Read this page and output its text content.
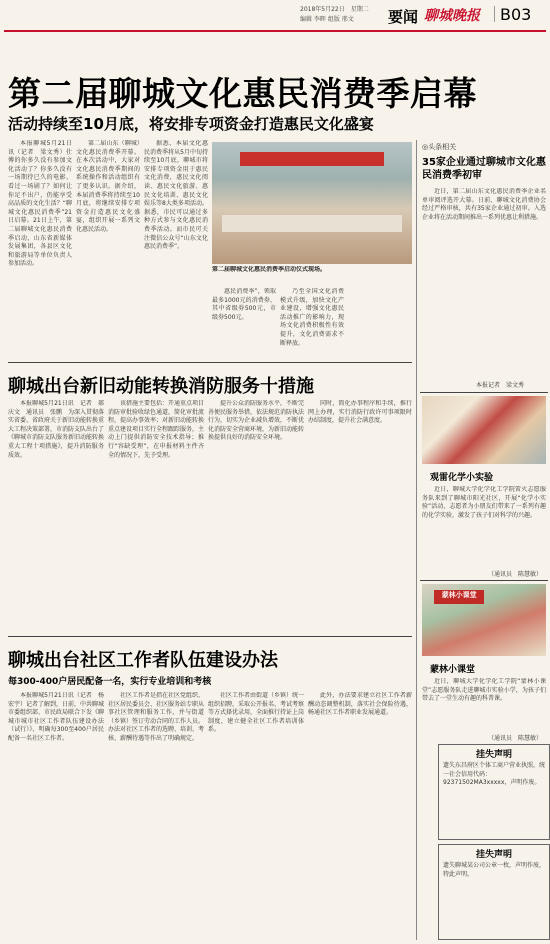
2018年5月22日　星期二
编辑 李晖 组版 邢文 要闻 聊城晚报 B03
第二届聊城文化惠民消费季启幕
活动持续至10月底，将安排专项资金打造惠民文化盛宴

本报聊城5月21日讯（记者　梁文秀）仕傅的你多久没有参加文化活动了？你多久没有一场期待已久的电影、看过一场剧了？如何让你足不出户，仍能享受高品质的文化生活？“聊城文化惠民消费季”21日启幕。21日上午，第二届聊城文化惠民消费季启动，山东省新媒体发展集团，各县区文化和旅游局等单位负责人参加活动。

第二届山东（聊城）文化惠民消费季开幕。在本次活动中，大家对文化惠民消费季期间的系统操作和活动组织有了更多认识。据介绍，本届消费季将持续至10月底，将继续安排专项资金打造惠民文化盛宴，组织开展一系列文化惠民活动。

据悉，本届文化惠民消费季将从5月中旬持续至10月底，聊城市将安排专项资金用于惠民文化消费，惠民文化阅读、惠民文化旅游、惠民文化培训、惠民文化娱乐等8大类多项活动。据悉，市民可以通过多种方式参与文化惠民消费季活动。而市民可关注微信公众号“山东文化惠民消费季”。

第二届聊城文化惠民消费季启动仪式现场。

惠民消费季”，领取最多1000元的消费券，其中省级券500元，市级券500元。

乃至全国文化消费模式升级，加快文化产业建设，增强文化惠民活动推广的影响力，现场文化消费积极性有效提升，文化消费需求不断释放。

聊城出台新旧动能转换消防服务十措施

本报聊城5月21日讯　记者　郝庆文　通讯员　张鹏　为深入贯彻落实省委、省政府关于新旧动能转换重大工程决策部署，市消防支队出台了《聊城市消防支队服务新旧动能转换重大工程十项措施》，提升消防服务质效。

该措施主要包括：开通重点项目消防审批验收绿色通道，简化审批流程，提高办事效率；对新旧动能转换重点建设项目实行全程跟踪服务，主动上门提供消防安全技术指导；推行“容缺受理”，在申报材料主件齐全的情况下，先予受理。

提升公众消防服务水平，不断完善便民服务举措，依法规范消防执法行为，切实为企业减负增效，不断优化消防安全营商环境，为新旧动能转换提供良好的消防安全环境。

同时，简化办事程序和手续，推行网上办理，实行消防行政许可事项限时办结制度，提升社会满意度。

聊城出台社区工作者队伍建设办法
每300-400户居民配备一名，实行专业培训和考核

本报聊城5月21日讯（记者　杨宏宇）记者了解到，日前，中共聊城市委组织部、市民政局联合下发《聊城市城市社区工作者队伍建设办法（试行）》，明确每300至400户居民配备一名社区工作者。

社区工作者是指在社区党组织、社区居民委员会、社区服务站专职从事社区管理和服务工作，并与街道（乡镇）签订劳动合同的工作人员。办法对社区工作者的选聘、培训、考核、薪酬待遇等作出了明确规定。

社区工作者由街道（乡镇）统一组织招聘，采取公开报名、考试考察等方式择优录用，全面推行持证上岗制度，建立健全社区工作者培训体系。

此外，办法要求建立社区工作者薪酬动态调整机制，落实社会保险待遇，畅通社区工作者职业发展通道。

◎头条相关
35家企业通过聊城市文化惠民消费季初审

近日，第二届山东文化惠民消费季企业名单审阅评选开大幕。日前，聊城文化消费协会经过严格审核，共有35家企业通过初审。入选企业将在活动期间推出一系列优惠让利措施。

本报记者　梁文秀
观雷化学小实验

近日，聊城大学化学化工学院雷火志愿服务队来到了聊城市阳光社区，开展“化学小实验”活动，志愿者为小朋友们带来了一系列有趣的化学实验，激发了孩子们对科学的兴趣。

（通讯员　陈慧敏）
蒙林小课堂
蒙林小课堂

近日，聊城大学化学化工学院“蒙林小课堂”志愿服务队走进聊城市实验小学，为孩子们带去了一堂生动有趣的科普课。

（通讯员　陈慧敏）
挂失声明
遗失东昌府区个体工商户营业执照，统一社会信用代码：92371502MA3xxxxx，声明作废。
挂失声明
遗失聊城某公司公章一枚，声明作废，特此声明。
